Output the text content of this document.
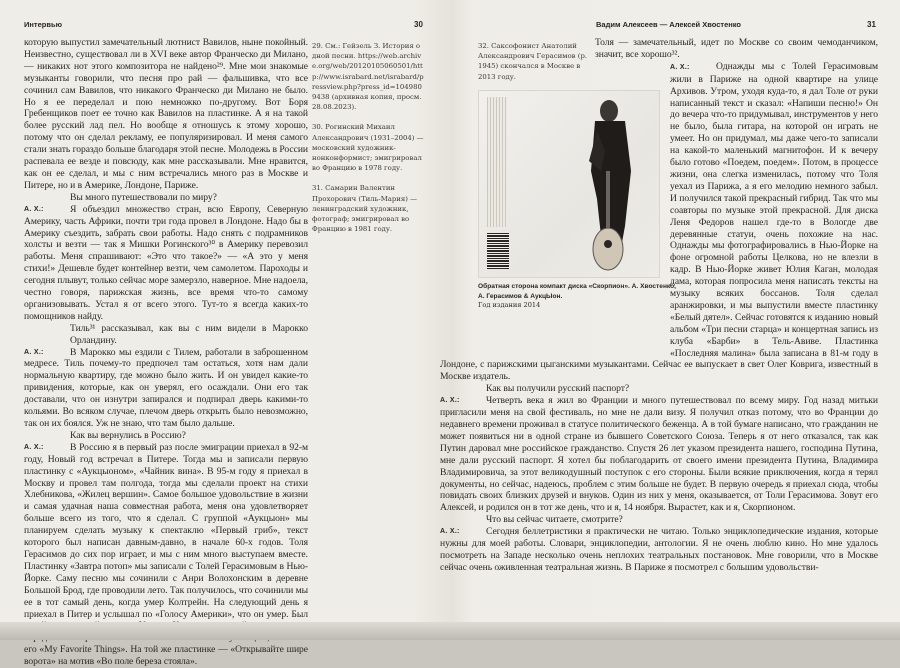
Интервью	30

которую выпустил замечательный лютнист Вавилов, ныне покойный. Неизвестно, существовал ли в XVI веке автор Франческо ди Милано, — никаких нот этого композитора не найдено²⁹. Мне мои знакомые музыканты говорили, что песня про рай — фальшивка, что все сочинил сам Вавилов, что никакого Франческо ди Милано не было. Но я ее переделал и пою немножко по-другому. Вот Боря Гребенщиков поет ее точно как Вавилов на пластинке. А я на такой более русский лад пел. Но вообще я отношусь к этому хорошо, потому что он сделал рекламу, ее популяризировал. И меня самого стали знать гораздо больше благодаря этой песне. Молодежь в России распевала ее везде и повсюду, как мне рассказывали. Мне нравится, как он ее сделал, и мы с ним встречались много раз в Москве и Питере, но и в Америке, Лондоне, Париже.

Вы много путешествовали по миру?

А. Х.:	Я объездил множество стран, всю Европу, Северную Америку, часть Африки, почти три года провел в Лондоне. Надо бы в Америку съездить, забрать свои работы. Надо снять с подрамников холсты и везти — так я Мишки Рогинского³⁰ в Америку перевозил работы. Меня спрашивают: «Это что такое?» — «А это у меня стихи!» Дешевле будет контейнер везти, чем самолетом. Пароходы и сегодня плывут, только сейчас море замерзло, наверное. Мне надоела, честно говоря, парижская жизнь, все время что-то самому организовывать. Устал я от всего этого. Тут-то я всегда каких-то помощников найду.

Тиль³¹ рассказывал, как вы с ним видели в Марокко Орландину.

А. Х.:	В Марокко мы ездили с Тилем, работали в заброшенном медресе. Тиль почему-то предпочел там остаться, хотя нам дали нормальную квартиру, где можно было жить. И он увидел какие-то привидения, которые, как он уверял, его осаждали. Они его так доставали, что он изнутри запирался и подпирал дверь какими-то кольями. Во всяком случае, плечом дверь открыть было невозможно, так он их боялся. Уж не знаю, что там было дальше.

Как вы вернулись в Россию?

А. Х.:	В Россию я в первый раз после эмиграции приехал в 92-м году, Новый год встречал в Питере. Тогда мы и записали первую пластинку с «Аукцыоном», «Чайник вина». В 95-м году я приехал в Москву и провел там полгода, тогда мы сделали проект на стихи Хлебникова, «Жилец вершин». Самое большое удовольствие в жизни и самая удачная наша совместная работа, меня она удовлетворяет больше всего из того, что я сделал. С группой «Аукцыон» мы планируем сделать музыку к спектаклю «Первый гриб», текст которого был написан давным-давно, в начале 60-х годов. Толя Герасимов до сих пор играет, и мы с ним много выступаем вместе. Пластинку «Завтра потоп» мы записали с Толей Герасимовым в Нью-Йорке. Саму песню мы сочинили с Анри Волохонским в деревне Большой Брод, где проводили лето. Так получилось, что сочинили мы ее в тот самый день, когда умер Колтрейн. На следующий день я приехал в Питер и услышал по «Голосу Америки», что он умер. Был его «My Favorite Things». На той же пластинке — «Открывайте шире ворота» на мотив «Во поле береза стояла».

29. См.: Гейзель З. История одной песни. https://web.archive.org/web/20120105060501/http://www.israbard.net/israbard/pressview.php?press_id=1049809438 (архивная копия, просм. 28.08.2023).

30. Рогинский Михаил Александрович (1931–2004) — московский художник-нонконформист; эмигрировал во Францию в 1978 году.

31. Самарин Валентин Прохорович (Тиль-Мария) — ленинградский художник, фотограф; эмигрировал во Францию в 1981 году.

Вадим Алексеев — Алексей Хвостенко	31

32. Саксофонист Анатолий Александрович Герасимов (р. 1945) скончался в Москве в 2013 году.

Обратная сторона компакт диска «Скорпион». А. Хвостенко, А. Герасимов & АукцЫон.
Год издания 2014

Толя — замечательный, идет по Москве со своим чемоданчиком, значит, все хорошо³².

А. Х.:	Однажды мы с Толей Герасимовым жили в Париже на одной квартире на улице Архивов. Утром, уходя куда-то, я дал Толе от руки написанный текст и сказал: «Напиши песню!» Он до вечера что-то придумывал, инструментов у него не было, была гитара, на которой он играть не умеет. Но он придумал, мы даже чего-то записали на какой-то маленький магнитофон. И к вечеру было готово «Поедем, поедем». Потом, в процессе жизни, она слегка изменилась, потому что Толя уехал из Парижа, а я его мелодию немного забыл. И получился такой прекрасный гибрид. Так что мы соавторы по музыке этой прекрасной. Для диска Леня Федоров нашел где-то в Вологде две деревянные статуи, очень похожие на нас. Однажды мы фотографировались в Нью-Йорке на фоне огромной работы Целкова, но не влезли в кадр. В Нью-Йорке живет Юлия Каган, молодая дама, которая попросила меня написать тексты на музыку всяких боссанов. Толя сделал аранжировки, и мы выпустили вместе пластинку «Белый дятел». Сейчас готовятся к изданию новый альбом «Три песни старца» и концертная запись из клуба «Барби» в Тель-Авиве. Пластинка «Последняя малина» была записана в 81-м году в Лондоне, с парижскими цыганскими музыкантами. Сейчас ее выпускает в свет Олег Коврига, известный в Москве издатель.

Как вы получили русский паспорт?

А. Х.:	Четверть века я жил во Франции и много путешествовал по всему миру. Год назад митьки пригласили меня на свой фестиваль, но мне не дали визу. Я получил отказ потому, что во Франции до недавнего времени проживал в статусе политического беженца. А в той бумаге написано, что гражданин не может появиться ни в одной стране из бывшего Советского Союза. Теперь я от него отказался, так как Путин даровал мне российское гражданство. Спустя 26 лет указом президента нашего, господина Путина, мне дали русский паспорт. Я хотел бы поблагодарить от своего имени президента Путина, Владимира Владимировича, за этот великодушный поступок с его стороны. Были всякие приключения, когда я терял документы, но сейчас, надеюсь, проблем с этим больше не будет. В первую очередь я приехал сюда, чтобы повидать своих близких друзей и внуков. Один из них у меня, оказывается, от Толи Герасимова. Зовут его Алексей, и родился он в тот же день, что и я, 14 ноября. Вырастет, как и я, Скорпионом.

Что вы сейчас читаете, смотрите?

А. Х.:	Сегодня беллетристики я практически не читаю. Только энциклопедические издания, которые нужны для моей работы. Словари, энциклопедии, антологии. Я не очень люблю кино. Но мне удалось посмотреть на Западе несколько очень неплохих театральных постановок. Мне говорили, что в Москве сейчас очень оживленная театральная жизнь. В Париже я посмотрел с большим удовольстви-
